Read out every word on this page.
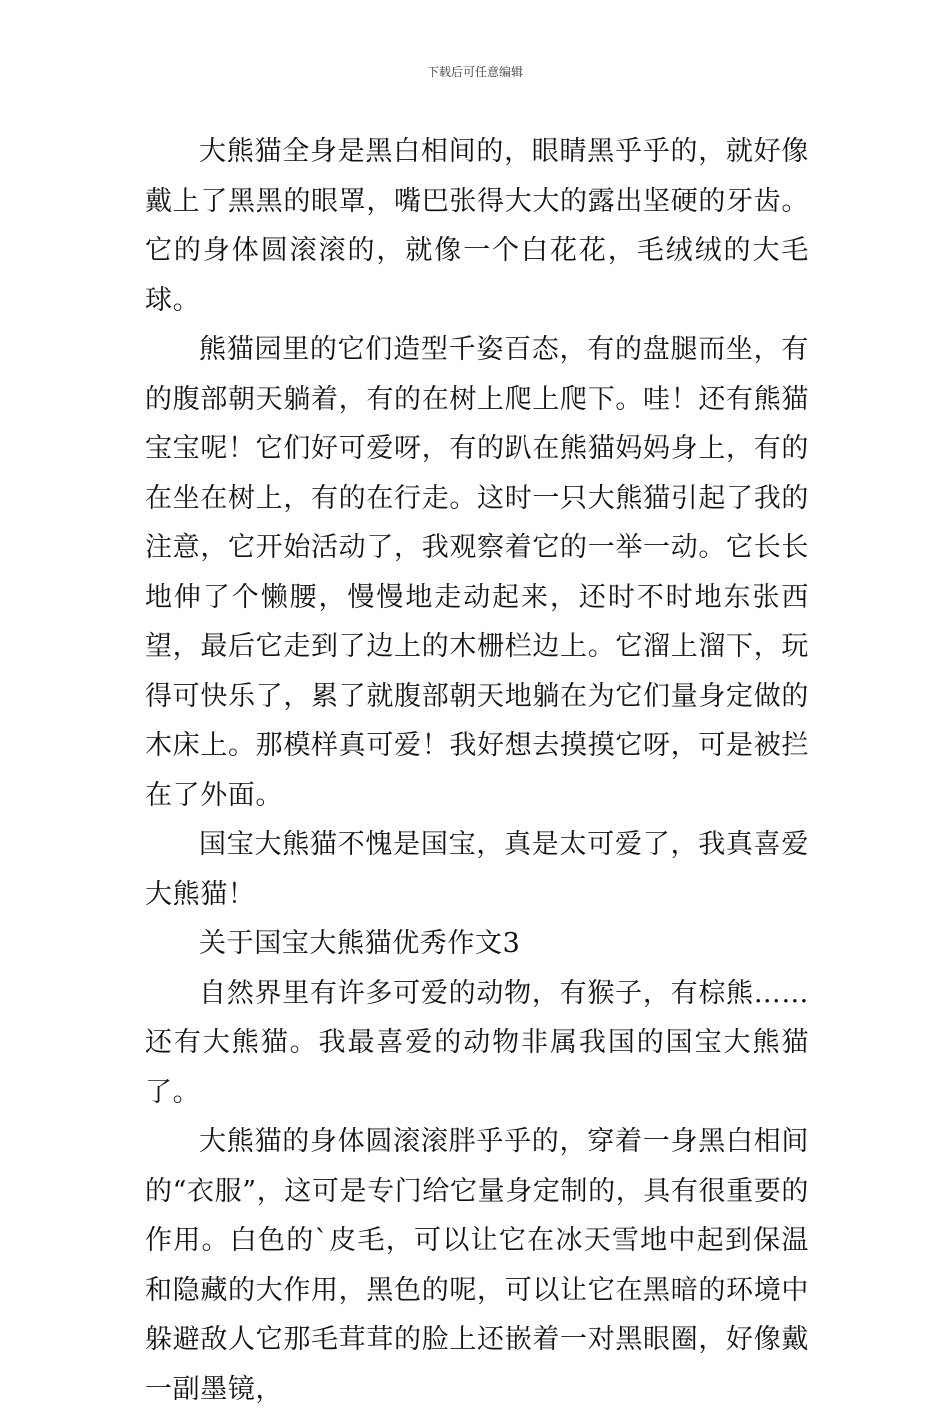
下载后可任意编辑

大熊猫全身是黑白相间的，眼睛黑乎乎的，就好像戴上了黑黑的眼罩，嘴巴张得大大的露出坚硬的牙齿。它的身体圆滚滚的，就像一个白花花，毛绒绒的大毛球。

熊猫园里的它们造型千姿百态，有的盘腿而坐，有的腹部朝天躺着，有的在树上爬上爬下。哇！还有熊猫宝宝呢！它们好可爱呀，有的趴在熊猫妈妈身上，有的在坐在树上，有的在行走。这时一只大熊猫引起了我的注意，它开始活动了，我观察着它的一举一动。它长长地伸了个懒腰，慢慢地走动起来，还时不时地东张西望，最后它走到了边上的木栅栏边上。它溜上溜下，玩得可快乐了，累了就腹部朝天地躺在为它们量身定做的木床上。那模样真可爱！我好想去摸摸它呀，可是被拦在了外面。

国宝大熊猫不愧是国宝，真是太可爱了，我真喜爱大熊猫！

关于国宝大熊猫优秀作文3

自然界里有许多可爱的动物，有猴子，有棕熊……还有大熊猫。我最喜爱的动物非属我国的国宝大熊猫了。

大熊猫的身体圆滚滚胖乎乎的，穿着一身黑白相间的“衣服”，这可是专门给它量身定制的，具有很重要的作用。白色的`皮毛，可以让它在冰天雪地中起到保温和隐藏的大作用，黑色的呢，可以让它在黑暗的环境中躲避敌人它那毛茸茸的脸上还嵌着一对黑眼圈，好像戴一副墨镜，
